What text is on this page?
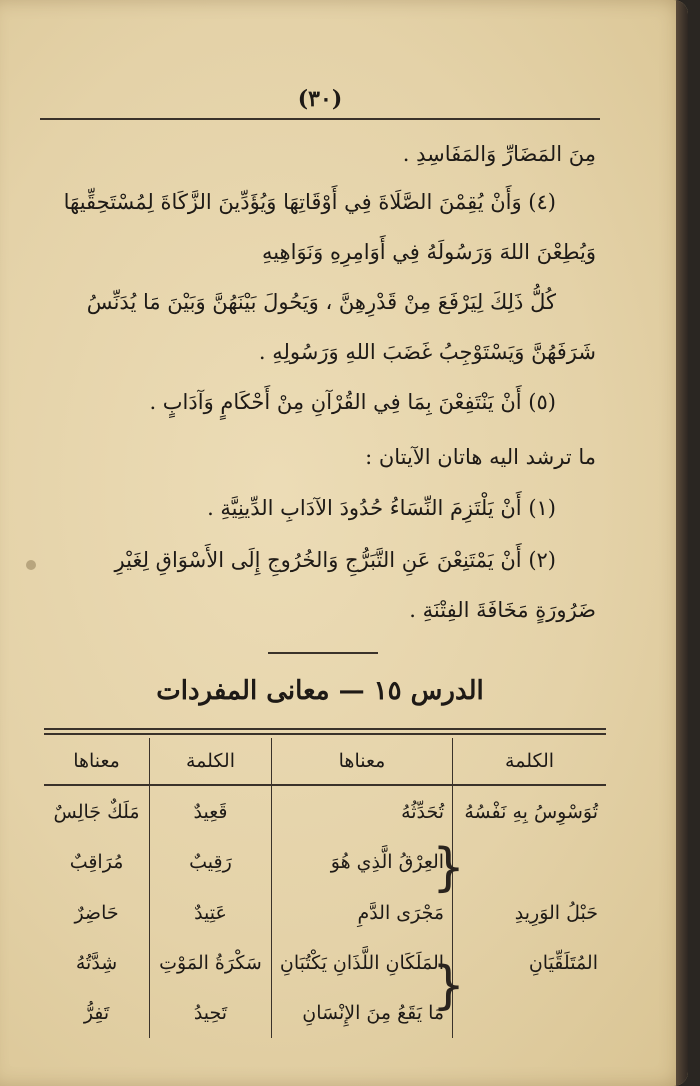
(٣٠)
مِنَ المَضَارِّ وَالمَفَاسِدِ .
(٤) وَأَنْ يُقِمْنَ الصَّلَاةَ فِي أَوْقَاتِهَا وَيُؤَدِّينَ الزَّكَاةَ لِمُسْتَحِقِّيهَا
وَيُطِعْنَ اللهَ وَرَسُولَهُ فِي أَوَامِرِهِ وَنَوَاهِيهِ
كُلُّ ذَلِكَ لِيَرْفَعَ مِنْ قَدْرِهِنَّ ، وَيَحُولَ بَيْنَهُنَّ وَبَيْنَ مَا يُدَنِّسُ
شَرَفَهُنَّ وَيَسْتَوْجِبُ غَضَبَ اللهِ وَرَسُولِهِ .
(٥) أَنْ يَنْتَفِعْنَ بِمَا فِي القُرْآنِ مِنْ أَحْكَامٍ وَآدَابٍ .
ما ترشد اليه هاتان الآيتان :
(١) أَنْ يَلْتَزِمَ النِّسَاءُ حُدُودَ الآدَابِ الدِّينِيَّةِ .
(٢) أَنْ يَمْتَنِعْنَ عَنِ التَّبَرُّجِ وَالخُرُوجِ إِلَى الأَسْوَاقِ لِغَيْرِ
ضَرُورَةٍ مَخَافَةَ الفِتْنَةِ .
الدرس ١٥ — معانى المفردات
الكلمة	معناها	الكلمة	معناها
تُوَسْوِسُ بِهِ نَفْسُهُ	تُحَدِّثُهُ	قَعِيدٌ	مَلَكٌ جَالِسٌ
	العِرْقُ الَّذِي هُوَ	رَقِيبٌ	مُرَاقِبٌ
حَبْلُ الوَرِيدِ	مَجْرَى الدَّمِ	عَتِيدٌ	حَاضِرٌ
المُتَلَقِّيَانِ	المَلَكَانِ اللَّذَانِ يَكْتُبَانِ	سَكْرَةُ المَوْتِ	شِدَّتُهُ
	مَا يَقَعُ مِنَ الإِنْسَانِ	تَحِيدُ	تَفِرُّ
}
}
